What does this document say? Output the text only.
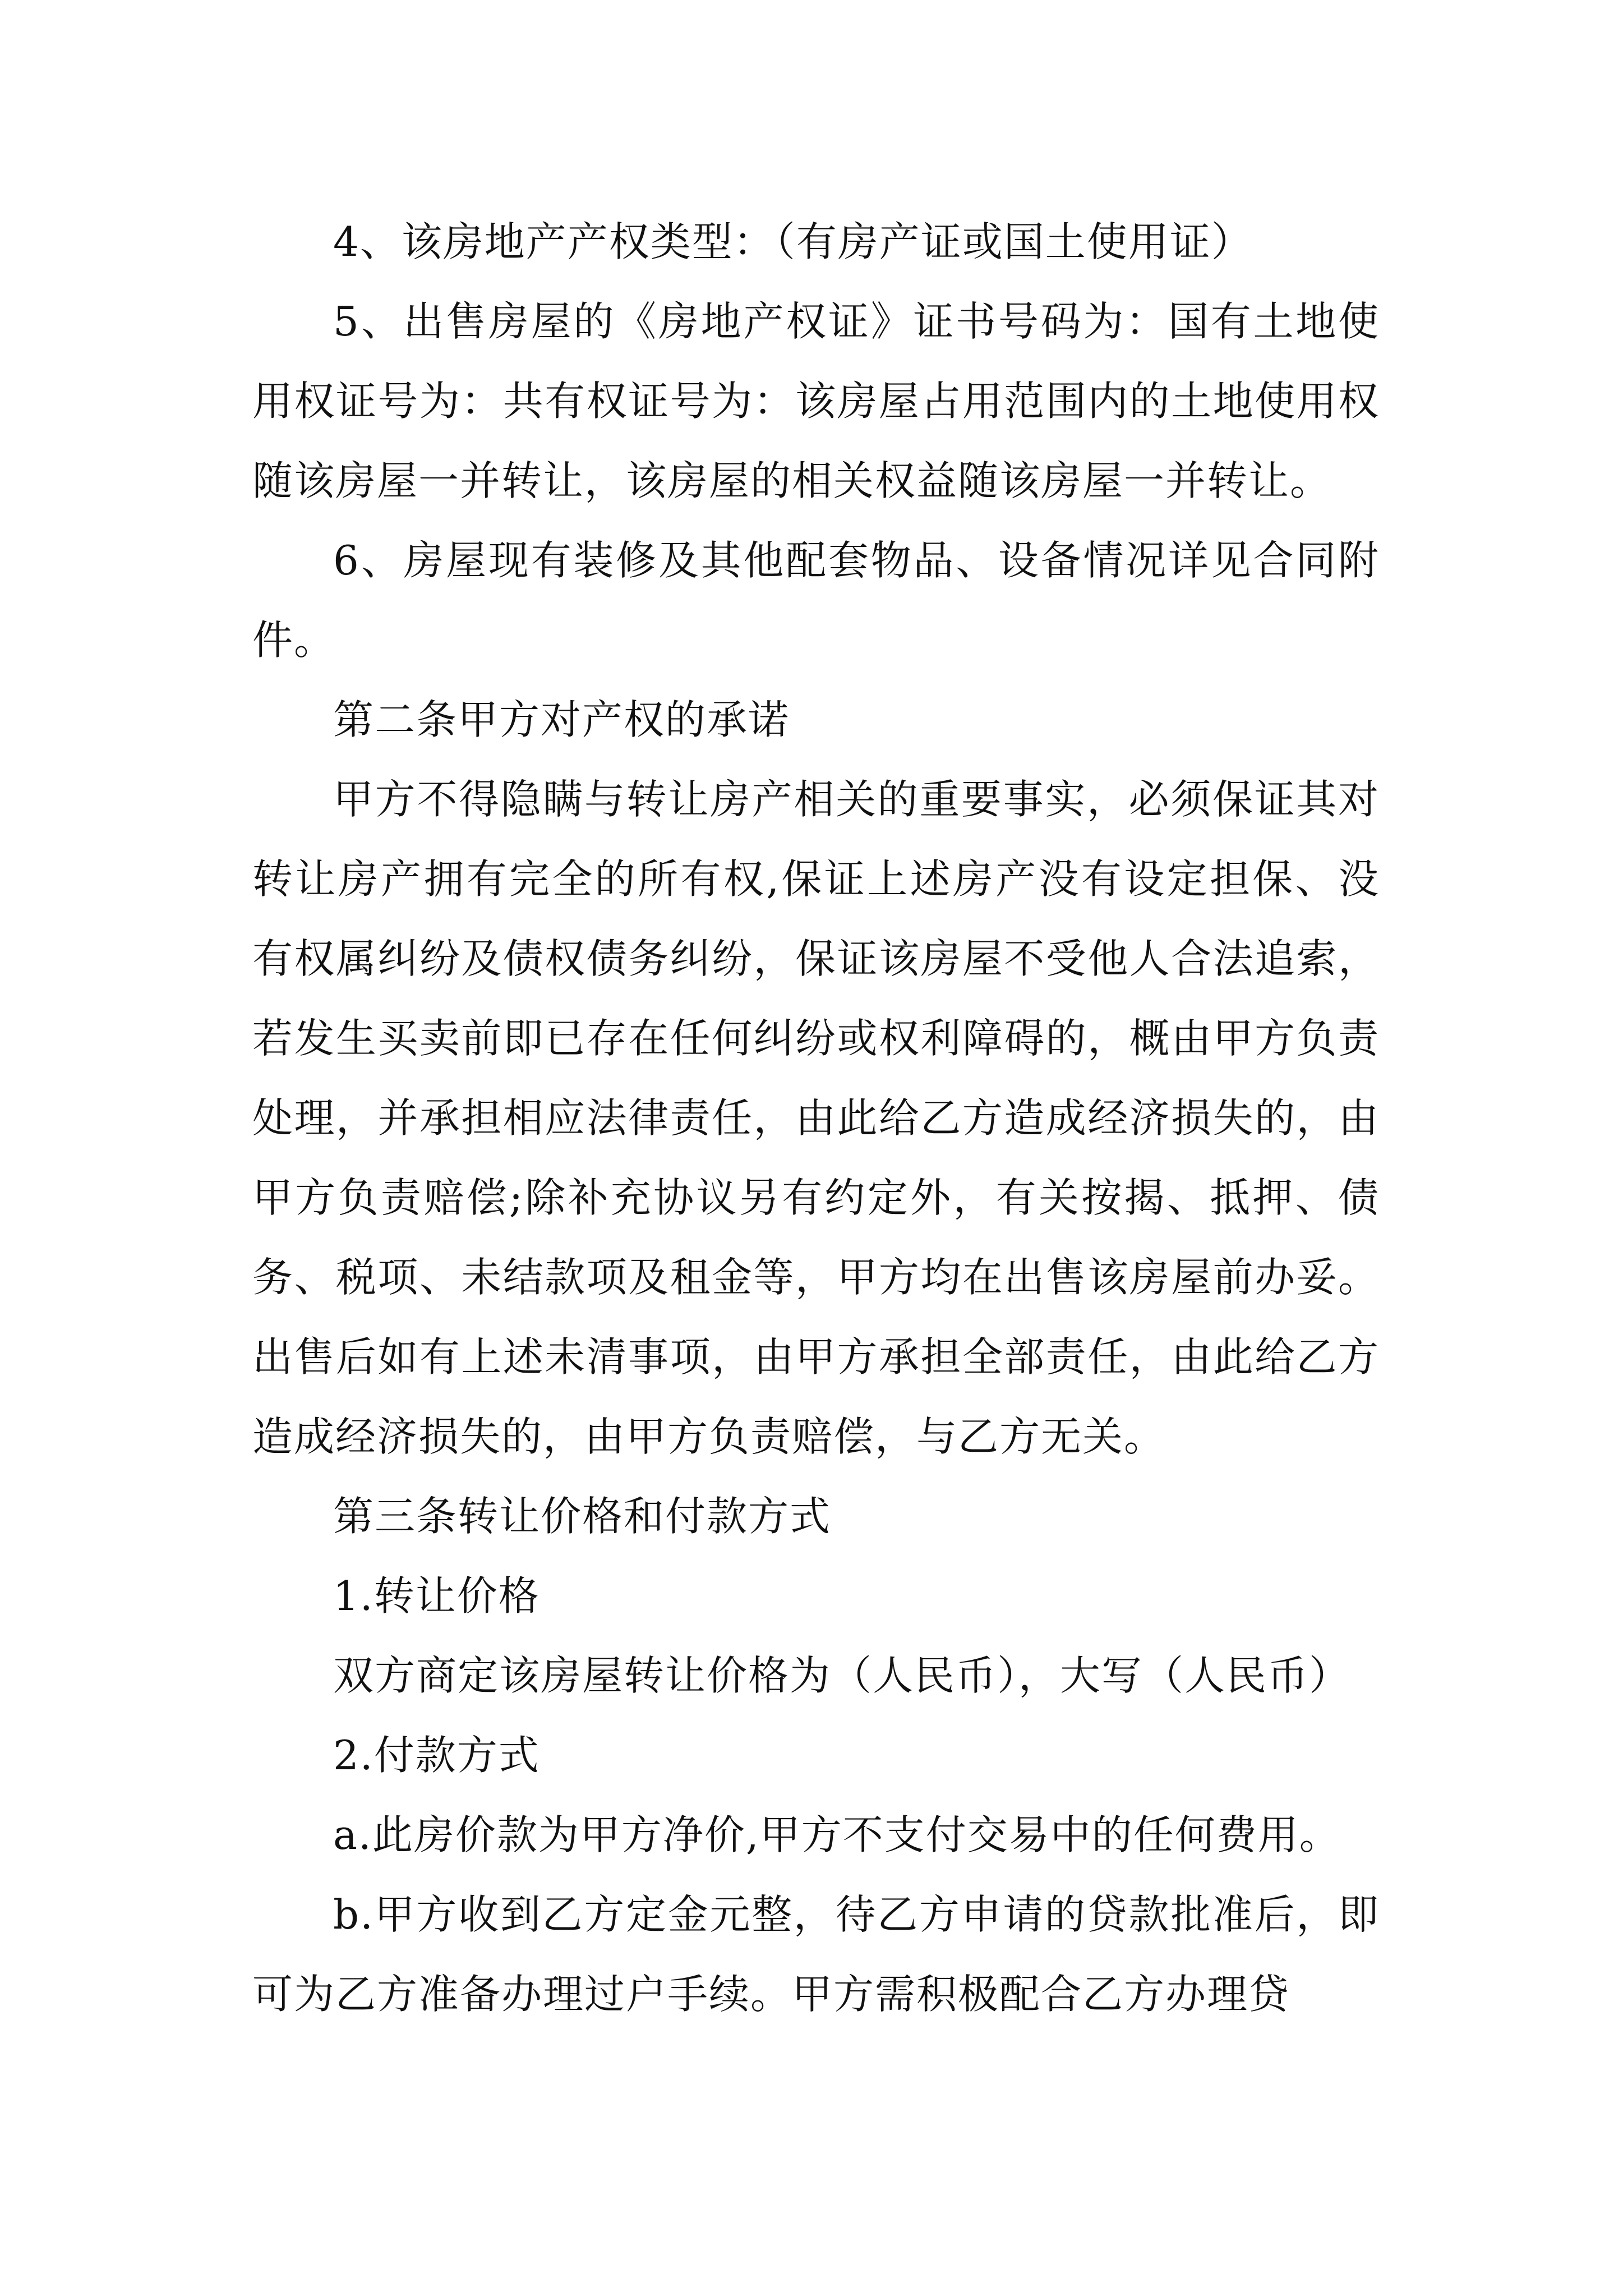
4、该房地产产权类型：（有房产证或国土使用证）

5、出售房屋的《房地产权证》证书号码为：国有土地使用权证号为：共有权证号为：该房屋占用范围内的土地使用权随该房屋一并转让，该房屋的相关权益随该房屋一并转让。

6、房屋现有装修及其他配套物品、设备情况详见合同附件。

第二条甲方对产权的承诺

甲方不得隐瞒与转让房产相关的重要事实，必须保证其对转让房产拥有完全的所有权,保证上述房产没有设定担保、没有权属纠纷及债权债务纠纷，保证该房屋不受他人合法追索，若发生买卖前即已存在任何纠纷或权利障碍的，概由甲方负责处理，并承担相应法律责任，由此给乙方造成经济损失的，由甲方负责赔偿;除补充协议另有约定外，有关按揭、抵押、债务、税项、未结款项及租金等，甲方均在出售该房屋前办妥。出售后如有上述未清事项，由甲方承担全部责任，由此给乙方造成经济损失的，由甲方负责赔偿，与乙方无关。

第三条转让价格和付款方式

1.转让价格

双方商定该房屋转让价格为（人民币），大写（人民币）

2.付款方式

a.此房价款为甲方净价,甲方不支付交易中的任何费用。

b.甲方收到乙方定金元整，待乙方申请的贷款批准后，即可为乙方准备办理过户手续。甲方需积极配合乙方办理贷
